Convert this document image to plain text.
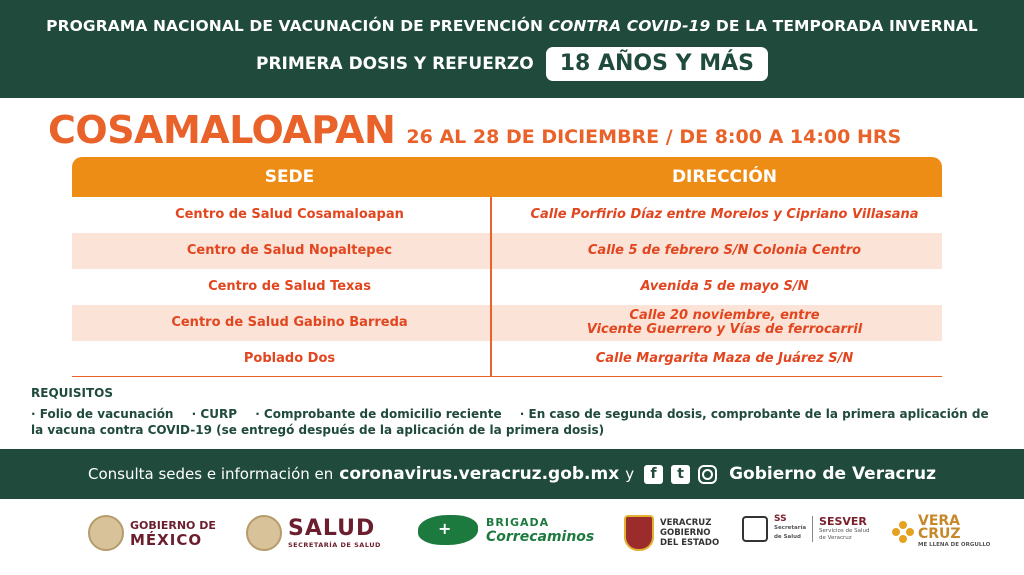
PROGRAMA NACIONAL DE VACUNACIÓN DE PREVENCIÓN CONTRA COVID-19 DE LA TEMPORADA INVERNAL
PRIMERA DOSIS Y REFUERZO	18 AÑOS Y MÁS
COSAMALOAPAN 26 AL 28 DE DICIEMBRE / DE 8:00 A 14:00 HRS
SEDE	DIRECCIÓN
Centro de Salud Cosamaloapan	Calle Porfirio Díaz entre Morelos y Cipriano Villasana
Centro de Salud Nopaltepec	Calle 5 de febrero S/N Colonia Centro
Centro de Salud Texas	Avenida 5 de mayo S/N
Centro de Salud Gabino Barreda	Calle 20 noviembre, entre
Vicente Guerrero y Vías de ferrocarril
Poblado Dos	Calle Margarita Maza de Juárez S/N
REQUISITOS
· Folio de vacunación · CURP · Comprobante de domicilio reciente · En caso de segunda dosis, comprobante de la primera aplicación de la vacuna contra COVID-19 (se entregó después de la aplicación de la primera dosis)
Consulta sedes e información en coronavirus.veracruz.gob.mx y	f	t	Gobierno de Veracruz
GOBIERNO DE
MÉXICO	SALUD
SECRETARÍA DE SALUD
+
BRIGADA
Correcaminos
VERACRUZ
GOBIERNO
DEL ESTADO
SS
Secretaría
de Salud
SESVER
Servicios de Salud
de Veracruz
VERA
CRUZ
ME LLENA DE ORGULLO
